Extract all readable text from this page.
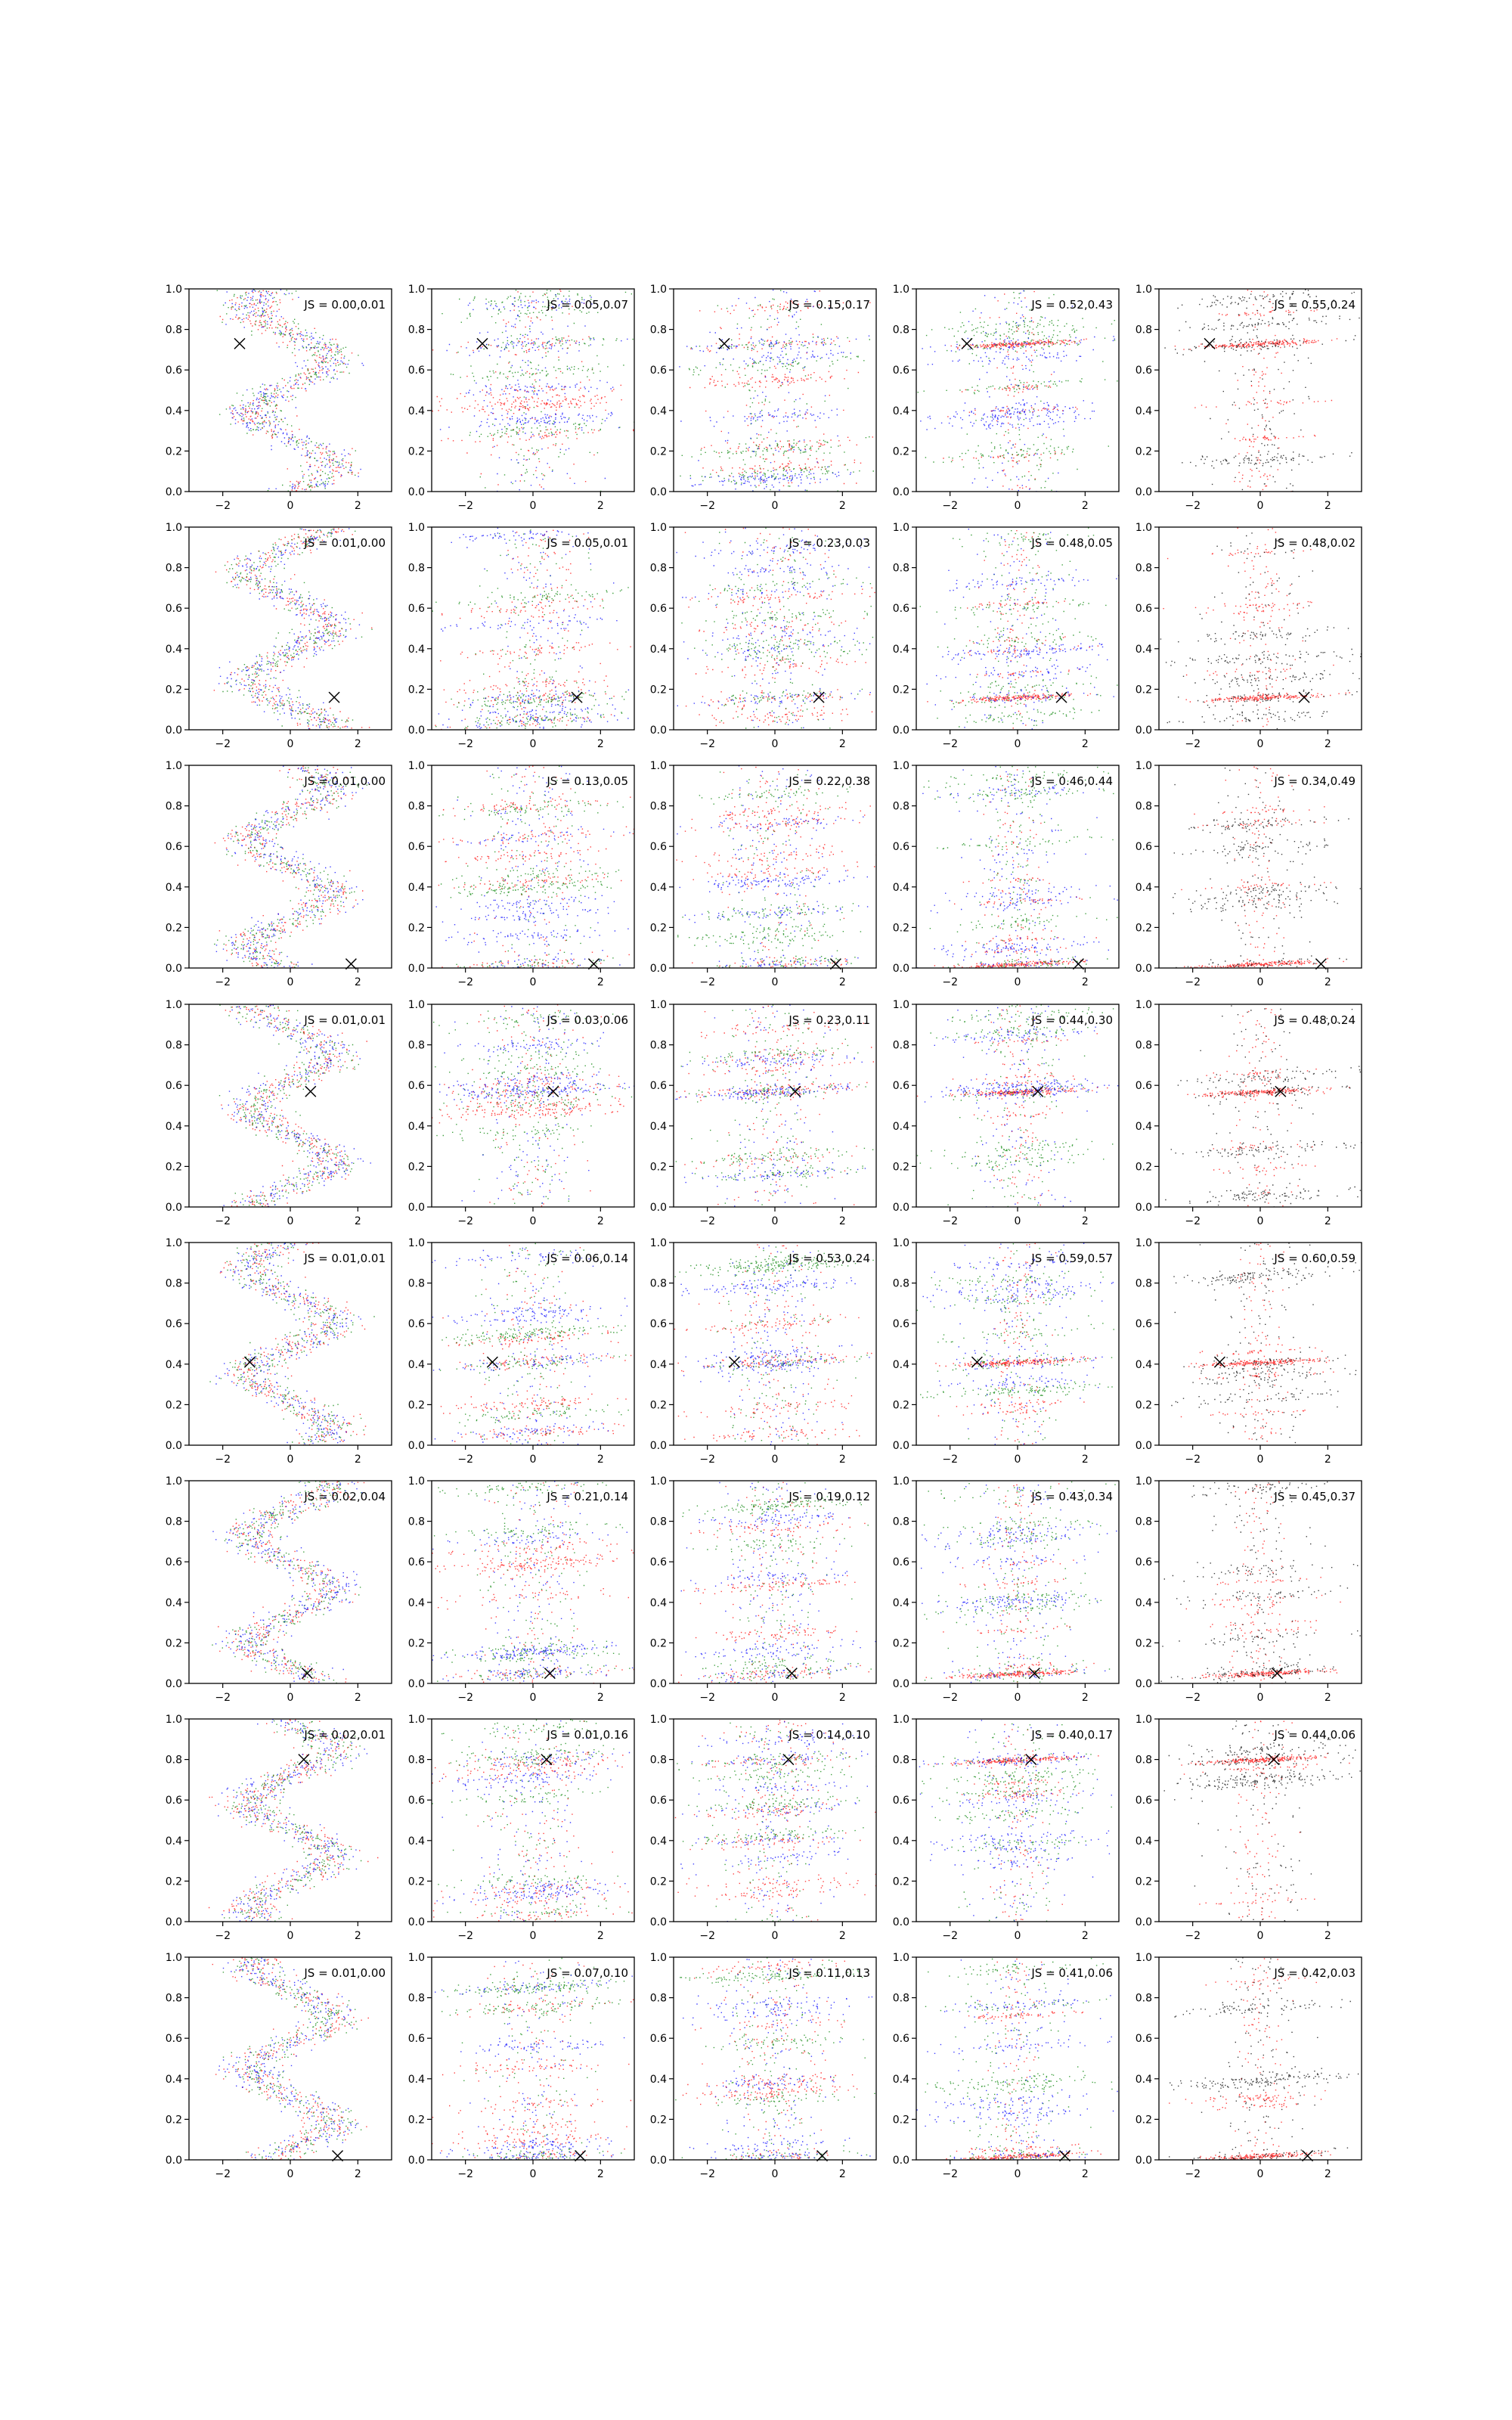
0.0
0.2
0.4
0.6
0.8
1.0
−2	0	2
JS = 0.00,0.01
0.0
0.2
0.4
0.6
0.8
1.0
−2	0	2
JS = 0.05,0.07
0.0
0.2
0.4
0.6
0.8
1.0
−2	0	2
JS = 0.15,0.17
0.0
0.2
0.4
0.6
0.8
1.0
−2	0	2
JS = 0.52,0.43
0.0
0.2
0.4
0.6
0.8
1.0
−2	0	2
JS = 0.55,0.24
0.0
0.2
0.4
0.6
0.8
1.0
−2	0	2
JS = 0.01,0.00
0.0
0.2
0.4
0.6
0.8
1.0
−2	0	2
JS = 0.05,0.01
0.0
0.2
0.4
0.6
0.8
1.0
−2	0	2
JS = 0.23,0.03
0.0
0.2
0.4
0.6
0.8
1.0
−2	0	2
JS = 0.48,0.05
0.0
0.2
0.4
0.6
0.8
1.0
−2	0	2
JS = 0.48,0.02
0.0
0.2
0.4
0.6
0.8
1.0
−2	0	2
JS = 0.01,0.00
0.0
0.2
0.4
0.6
0.8
1.0
−2	0	2
JS = 0.13,0.05
0.0
0.2
0.4
0.6
0.8
1.0
−2	0	2
JS = 0.22,0.38
0.0
0.2
0.4
0.6
0.8
1.0
−2	0	2
JS = 0.46,0.44
0.0
0.2
0.4
0.6
0.8
1.0
−2	0	2
JS = 0.34,0.49
0.0
0.2
0.4
0.6
0.8
1.0
−2	0	2
JS = 0.01,0.01
0.0
0.2
0.4
0.6
0.8
1.0
−2	0	2
JS = 0.03,0.06
0.0
0.2
0.4
0.6
0.8
1.0
−2	0	2
JS = 0.23,0.11
0.0
0.2
0.4
0.6
0.8
1.0
−2	0	2
JS = 0.44,0.30
0.0
0.2
0.4
0.6
0.8
1.0
−2	0	2
JS = 0.48,0.24
0.0
0.2
0.4
0.6
0.8
1.0
−2	0	2
JS = 0.01,0.01
0.0
0.2
0.4
0.6
0.8
1.0
−2	0	2
JS = 0.06,0.14
0.0
0.2
0.4
0.6
0.8
1.0
−2	0	2
JS = 0.53,0.24
0.0
0.2
0.4
0.6
0.8
1.0
−2	0	2
JS = 0.59,0.57
0.0
0.2
0.4
0.6
0.8
1.0
−2	0	2
JS = 0.60,0.59
0.0
0.2
0.4
0.6
0.8
1.0
−2	0	2
JS = 0.02,0.04
0.0
0.2
0.4
0.6
0.8
1.0
−2	0	2
JS = 0.21,0.14
0.0
0.2
0.4
0.6
0.8
1.0
−2	0	2
JS = 0.19,0.12
0.0
0.2
0.4
0.6
0.8
1.0
−2	0	2
JS = 0.43,0.34
0.0
0.2
0.4
0.6
0.8
1.0
−2	0	2
JS = 0.45,0.37
0.0
0.2
0.4
0.6
0.8
1.0
−2	0	2
JS = 0.02,0.01
0.0
0.2
0.4
0.6
0.8
1.0
−2	0	2
JS = 0.01,0.16
0.0
0.2
0.4
0.6
0.8
1.0
−2	0	2
JS = 0.14,0.10
0.0
0.2
0.4
0.6
0.8
1.0
−2	0	2
JS = 0.40,0.17
0.0
0.2
0.4
0.6
0.8
1.0
−2	0	2
JS = 0.44,0.06
0.0
0.2
0.4
0.6
0.8
1.0
−2	0	2
JS = 0.01,0.00
0.0
0.2
0.4
0.6
0.8
1.0
−2	0	2
JS = 0.07,0.10
0.0
0.2
0.4
0.6
0.8
1.0
−2	0	2
JS = 0.11,0.13
0.0
0.2
0.4
0.6
0.8
1.0
−2	0	2
JS = 0.41,0.06
0.0
0.2
0.4
0.6
0.8
1.0
−2	0	2
JS = 0.42,0.03
